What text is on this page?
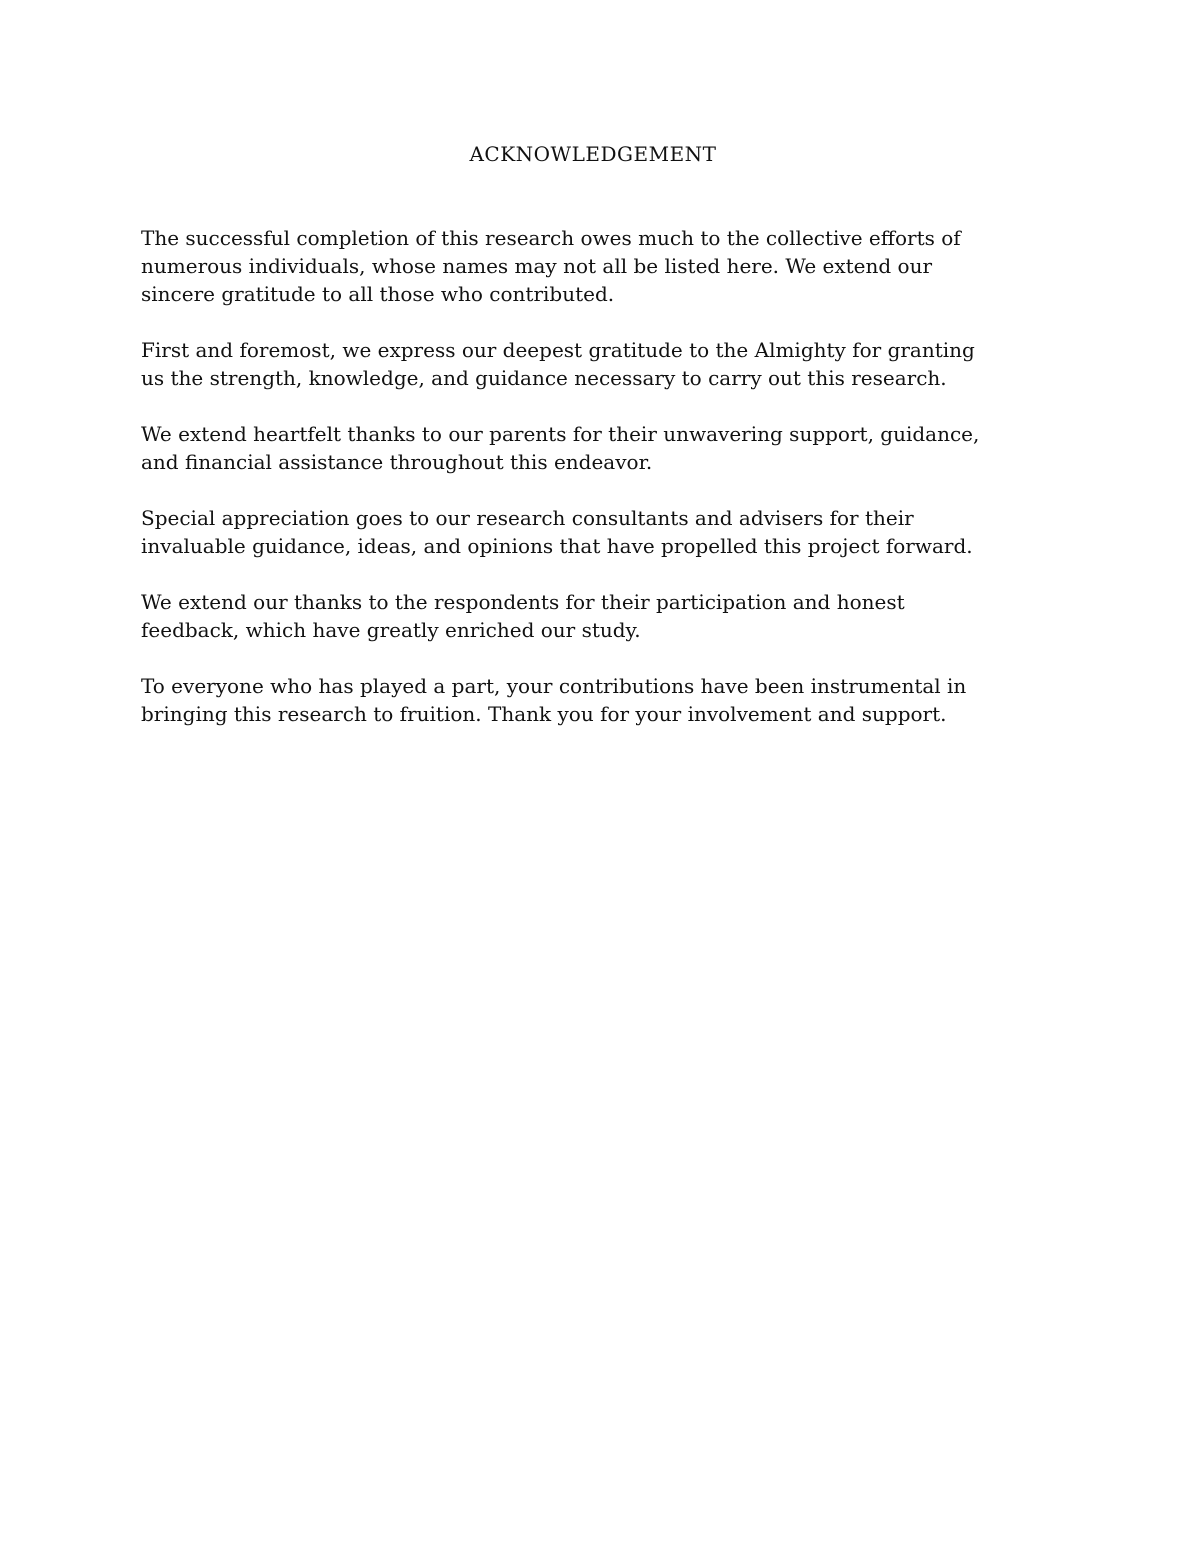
ACKNOWLEDGEMENT

The successful completion of this research owes much to the collective efforts of
numerous individuals, whose names may not all be listed here. We extend our
sincere gratitude to all those who contributed.

First and foremost, we express our deepest gratitude to the Almighty for granting
us the strength, knowledge, and guidance necessary to carry out this research.

We extend heartfelt thanks to our parents for their unwavering support, guidance,
and financial assistance throughout this endeavor.

Special appreciation goes to our research consultants and advisers for their
invaluable guidance, ideas, and opinions that have propelled this project forward.

We extend our thanks to the respondents for their participation and honest
feedback, which have greatly enriched our study.

To everyone who has played a part, your contributions have been instrumental in
bringing this research to fruition. Thank you for your involvement and support.
